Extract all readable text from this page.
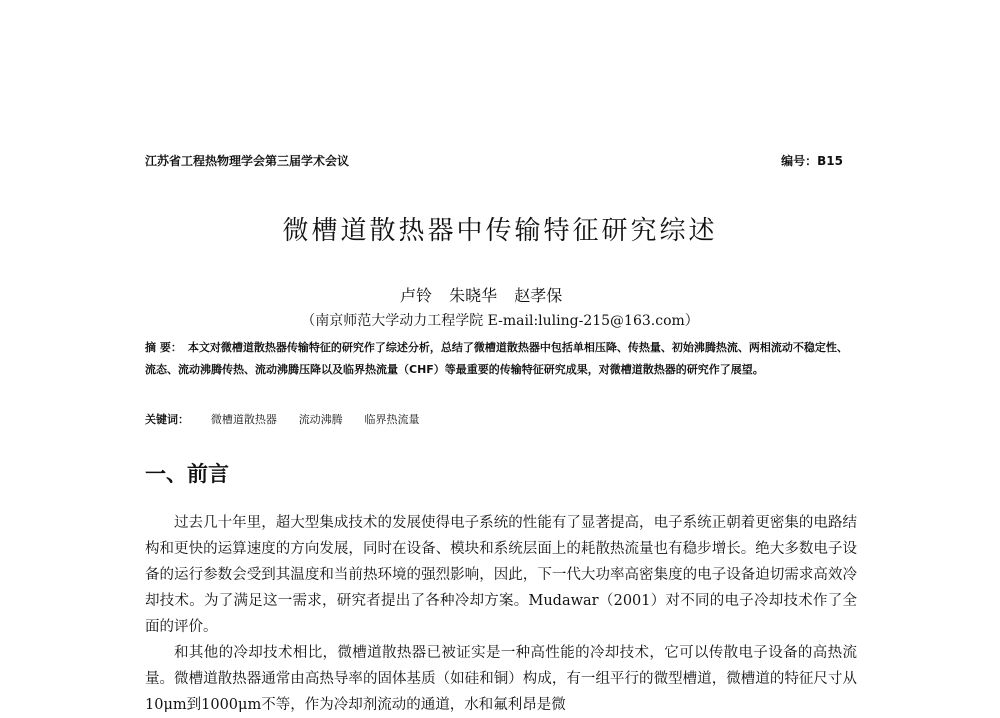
江苏省工程热物理学会第三届学术会议	编号：B15
微槽道散热器中传输特征研究综述
卢铃 朱晓华 赵孝保
（南京师范大学动力工程学院 E-mail:luling-215@163.com）
摘 要： 本文对微槽道散热器传输特征的研究作了综述分析，总结了微槽道散热器中包括单相压降、传热量、初始沸腾热流、两相流动不稳定性、流态、流动沸腾传热、流动沸腾压降以及临界热流量（CHF）等最重要的传输特征研究成果，对微槽道散热器的研究作了展望。
关键词： 微槽道散热器 流动沸腾 临界热流量
一、前言

过去几十年里，超大型集成技术的发展使得电子系统的性能有了显著提高，电子系统正朝着更密集的电路结构和更快的运算速度的方向发展，同时在设备、模块和系统层面上的耗散热流量也有稳步增长。绝大多数电子设备的运行参数会受到其温度和当前热环境的强烈影响，因此，下一代大功率高密集度的电子设备迫切需求高效冷却技术。为了满足这一需求，研究者提出了各种冷却方案。Mudawar（2001）对不同的电子冷却技术作了全面的评价。

和其他的冷却技术相比，微槽道散热器已被证实是一种高性能的冷却技术，它可以传散电子设备的高热流量。微槽道散热器通常由高热导率的固体基质（如硅和铜）构成，有一组平行的微型槽道，微槽道的特征尺寸从10μm到1000μm不等，作为冷却剂流动的通道，水和氟利昂是微
